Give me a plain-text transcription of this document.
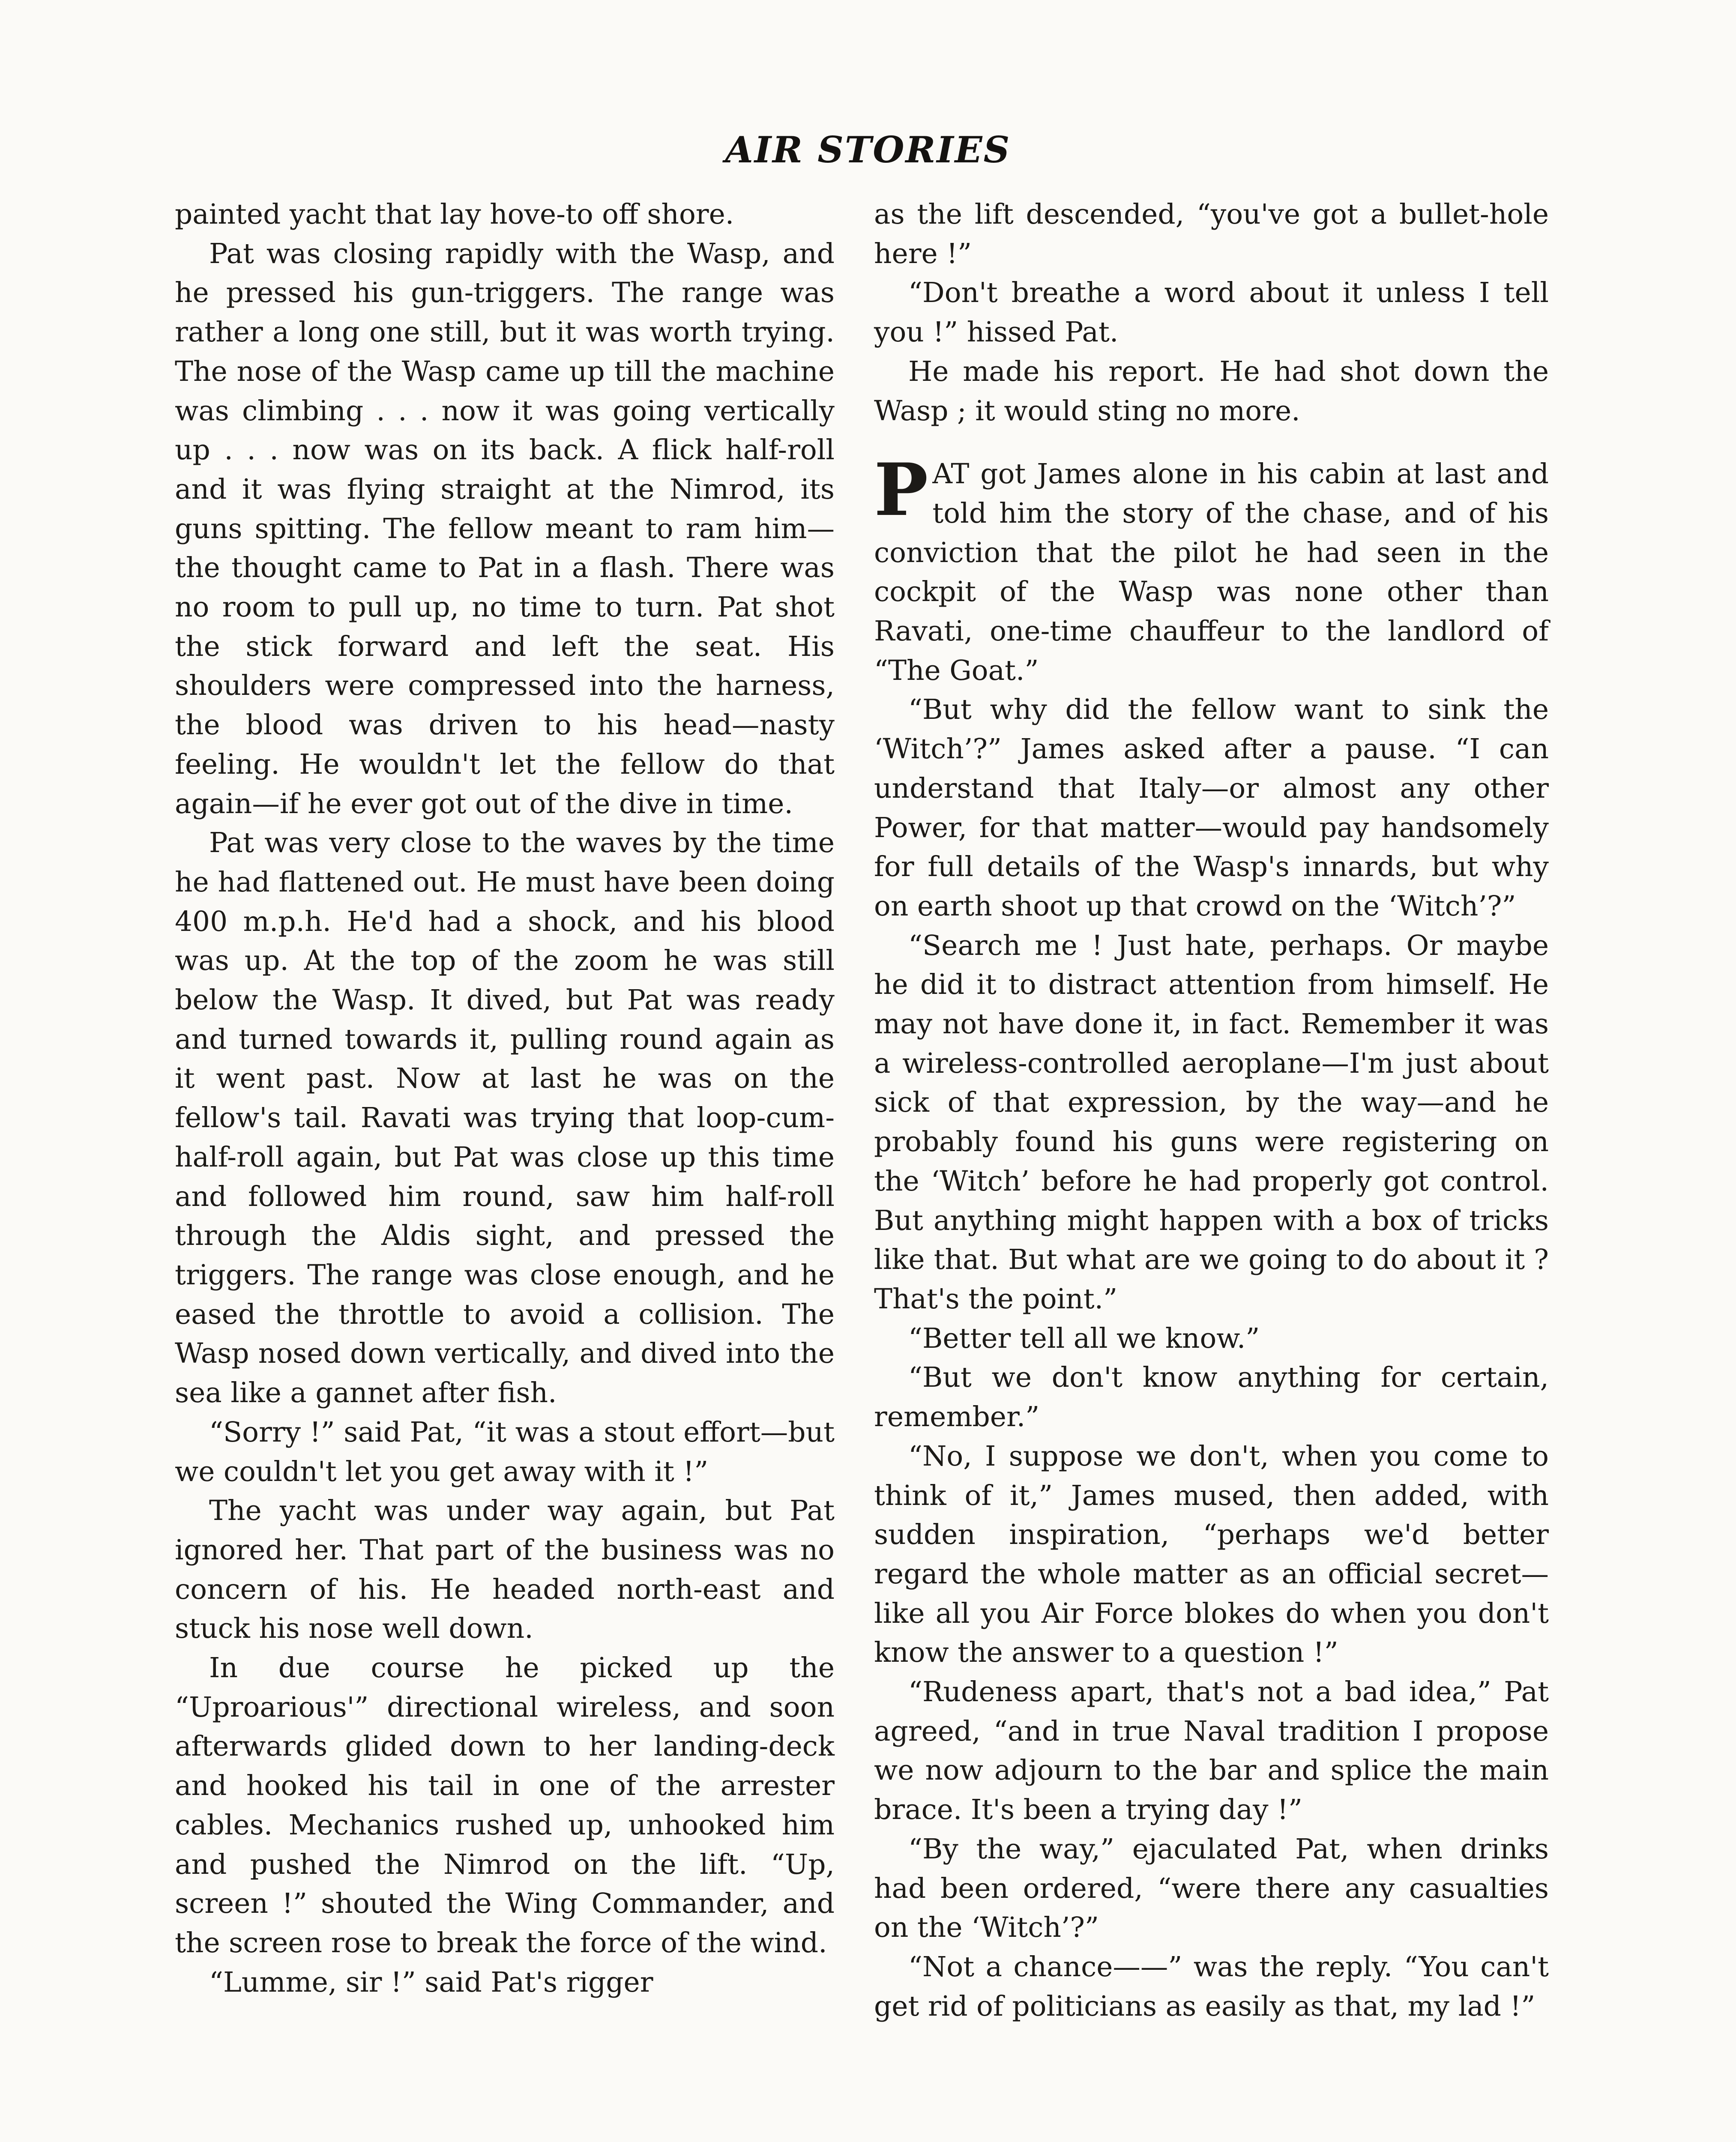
AIR STORIES

painted yacht that lay hove-to off shore.

Pat was closing rapidly with the Wasp, and he pressed his gun-triggers. The range was rather a long one still, but it was worth trying. The nose of the Wasp came up till the machine was climbing . . . now it was going vertically up . . . now was on its back. A flick half-roll and it was flying straight at the Nimrod, its guns spitting. The fellow meant to ram him—the thought came to Pat in a flash. There was no room to pull up, no time to turn. Pat shot the stick forward and left the seat. His shoulders were compressed into the harness, the blood was driven to his head—nasty feeling. He wouldn't let the fellow do that again—if he ever got out of the dive in time.

Pat was very close to the waves by the time he had flattened out. He must have been doing 400 m.p.h. He'd had a shock, and his blood was up. At the top of the zoom he was still below the Wasp. It dived, but Pat was ready and turned towards it, pulling round again as it went past. Now at last he was on the fellow's tail. Ravati was trying that loop-cum-half-roll again, but Pat was close up this time and followed him round, saw him half-roll through the Aldis sight, and pressed the triggers. The range was close enough, and he eased the throttle to avoid a collision. The Wasp nosed down vertically, and dived into the sea like a gannet after fish.

“Sorry !” said Pat, “it was a stout effort—but we couldn't let you get away with it !”

The yacht was under way again, but Pat ignored her. That part of the business was no concern of his. He headed north-east and stuck his nose well down.

In due course he picked up the “Uproarious'” directional wireless, and soon afterwards glided down to her landing-deck and hooked his tail in one of the arrester cables. Mechanics rushed up, unhooked him and pushed the Nimrod on the lift. “Up, screen !” shouted the Wing Commander, and the screen rose to break the force of the wind.

“Lumme, sir !” said Pat's rigger

as the lift descended, “you've got a bullet-hole here !”

“Don't breathe a word about it unless I tell you !” hissed Pat.

He made his report. He had shot down the Wasp ; it would sting no more.

PAT got James alone in his cabin at last and told him the story of the chase, and of his conviction that the pilot he had seen in the cockpit of the Wasp was none other than Ravati, one-time chauffeur to the landlord of “The Goat.”

“But why did the fellow want to sink the ‘Witch’?” James asked after a pause. “I can understand that Italy—or almost any other Power, for that matter—would pay handsomely for full details of the Wasp's innards, but why on earth shoot up that crowd on the ‘Witch’?”

“Search me ! Just hate, perhaps. Or maybe he did it to distract attention from himself. He may not have done it, in fact. Remember it was a wireless-controlled aeroplane—I'm just about sick of that expression, by the way—and he probably found his guns were registering on the ‘Witch’ before he had properly got control. But anything might happen with a box of tricks like that. But what are we going to do about it ? That's the point.”

“Better tell all we know.”

“But we don't know anything for certain, remember.”

“No, I suppose we don't, when you come to think of it,” James mused, then added, with sudden inspiration, “perhaps we'd better regard the whole matter as an official secret—like all you Air Force blokes do when you don't know the answer to a question !”

“Rudeness apart, that's not a bad idea,” Pat agreed, “and in true Naval tradition I propose we now adjourn to the bar and splice the main brace. It's been a trying day !”

“By the way,” ejaculated Pat, when drinks had been ordered, “were there any casualties on the ‘Witch’?”

“Not a chance——” was the reply. “You can't get rid of politicians as easily as that, my lad !”
